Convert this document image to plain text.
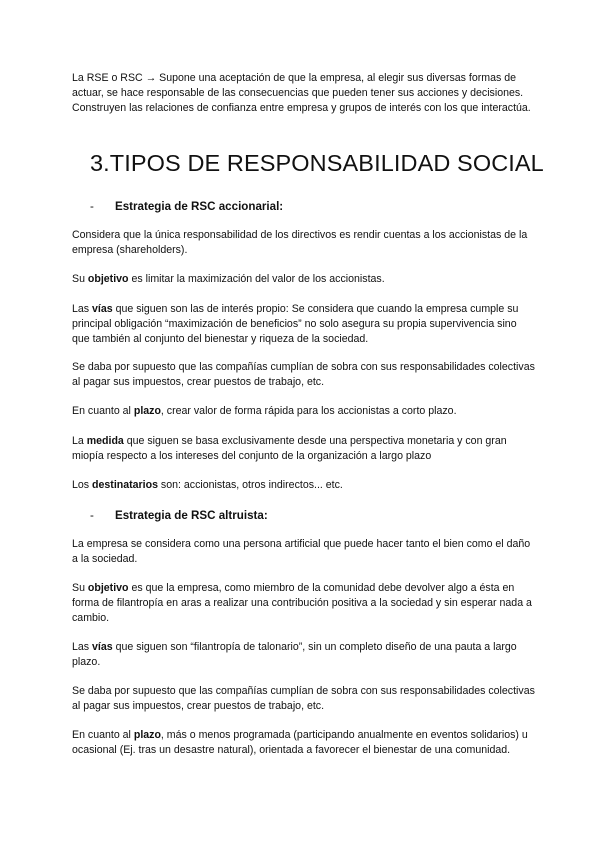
La RSE o RSC → Supone una aceptación de que la empresa, al elegir sus diversas formas de actuar, se hace responsable de las consecuencias que pueden tener sus acciones y decisiones. Construyen las relaciones de confianza entre empresa y grupos de interés con los que interactúa.

3.TIPOS DE RESPONSABILIDAD SOCIAL

- Estrategia de RSC accionarial:

Considera que la única responsabilidad de los directivos es rendir cuentas a los accionistas de la empresa (shareholders).

Su objetivo es limitar la maximización del valor de los accionistas.

Las vías que siguen son las de interés propio: Se considera que cuando la empresa cumple su principal obligación “maximización de beneficios” no solo asegura su propia supervivencia sino que también al conjunto del bienestar y riqueza de la sociedad.

Se daba por supuesto que las compañías cumplían de sobra con sus responsabilidades colectivas al pagar sus impuestos, crear puestos de trabajo, etc.

En cuanto al plazo, crear valor de forma rápida para los accionistas a corto plazo.

La medida que siguen se basa exclusivamente desde una perspectiva monetaria y con gran miopía respecto a los intereses del conjunto de la organización a largo plazo

Los destinatarios son: accionistas, otros indirectos... etc.

- Estrategia de RSC altruista:

La empresa se considera como una persona artificial que puede hacer tanto el bien como el daño a la sociedad.

Su objetivo es que la empresa, como miembro de la comunidad debe devolver algo a ésta en forma de filantropía en aras a realizar una contribución positiva a la sociedad y sin esperar nada a cambio.

Las vías que siguen son “filantropía de talonario”, sin un completo diseño de una pauta a largo plazo.

Se daba por supuesto que las compañías cumplían de sobra con sus responsabilidades colectivas al pagar sus impuestos, crear puestos de trabajo, etc.

En cuanto al plazo, más o menos programada (participando anualmente en eventos solidarios) u ocasional (Ej. tras un desastre natural), orientada a favorecer el bienestar de una comunidad.
